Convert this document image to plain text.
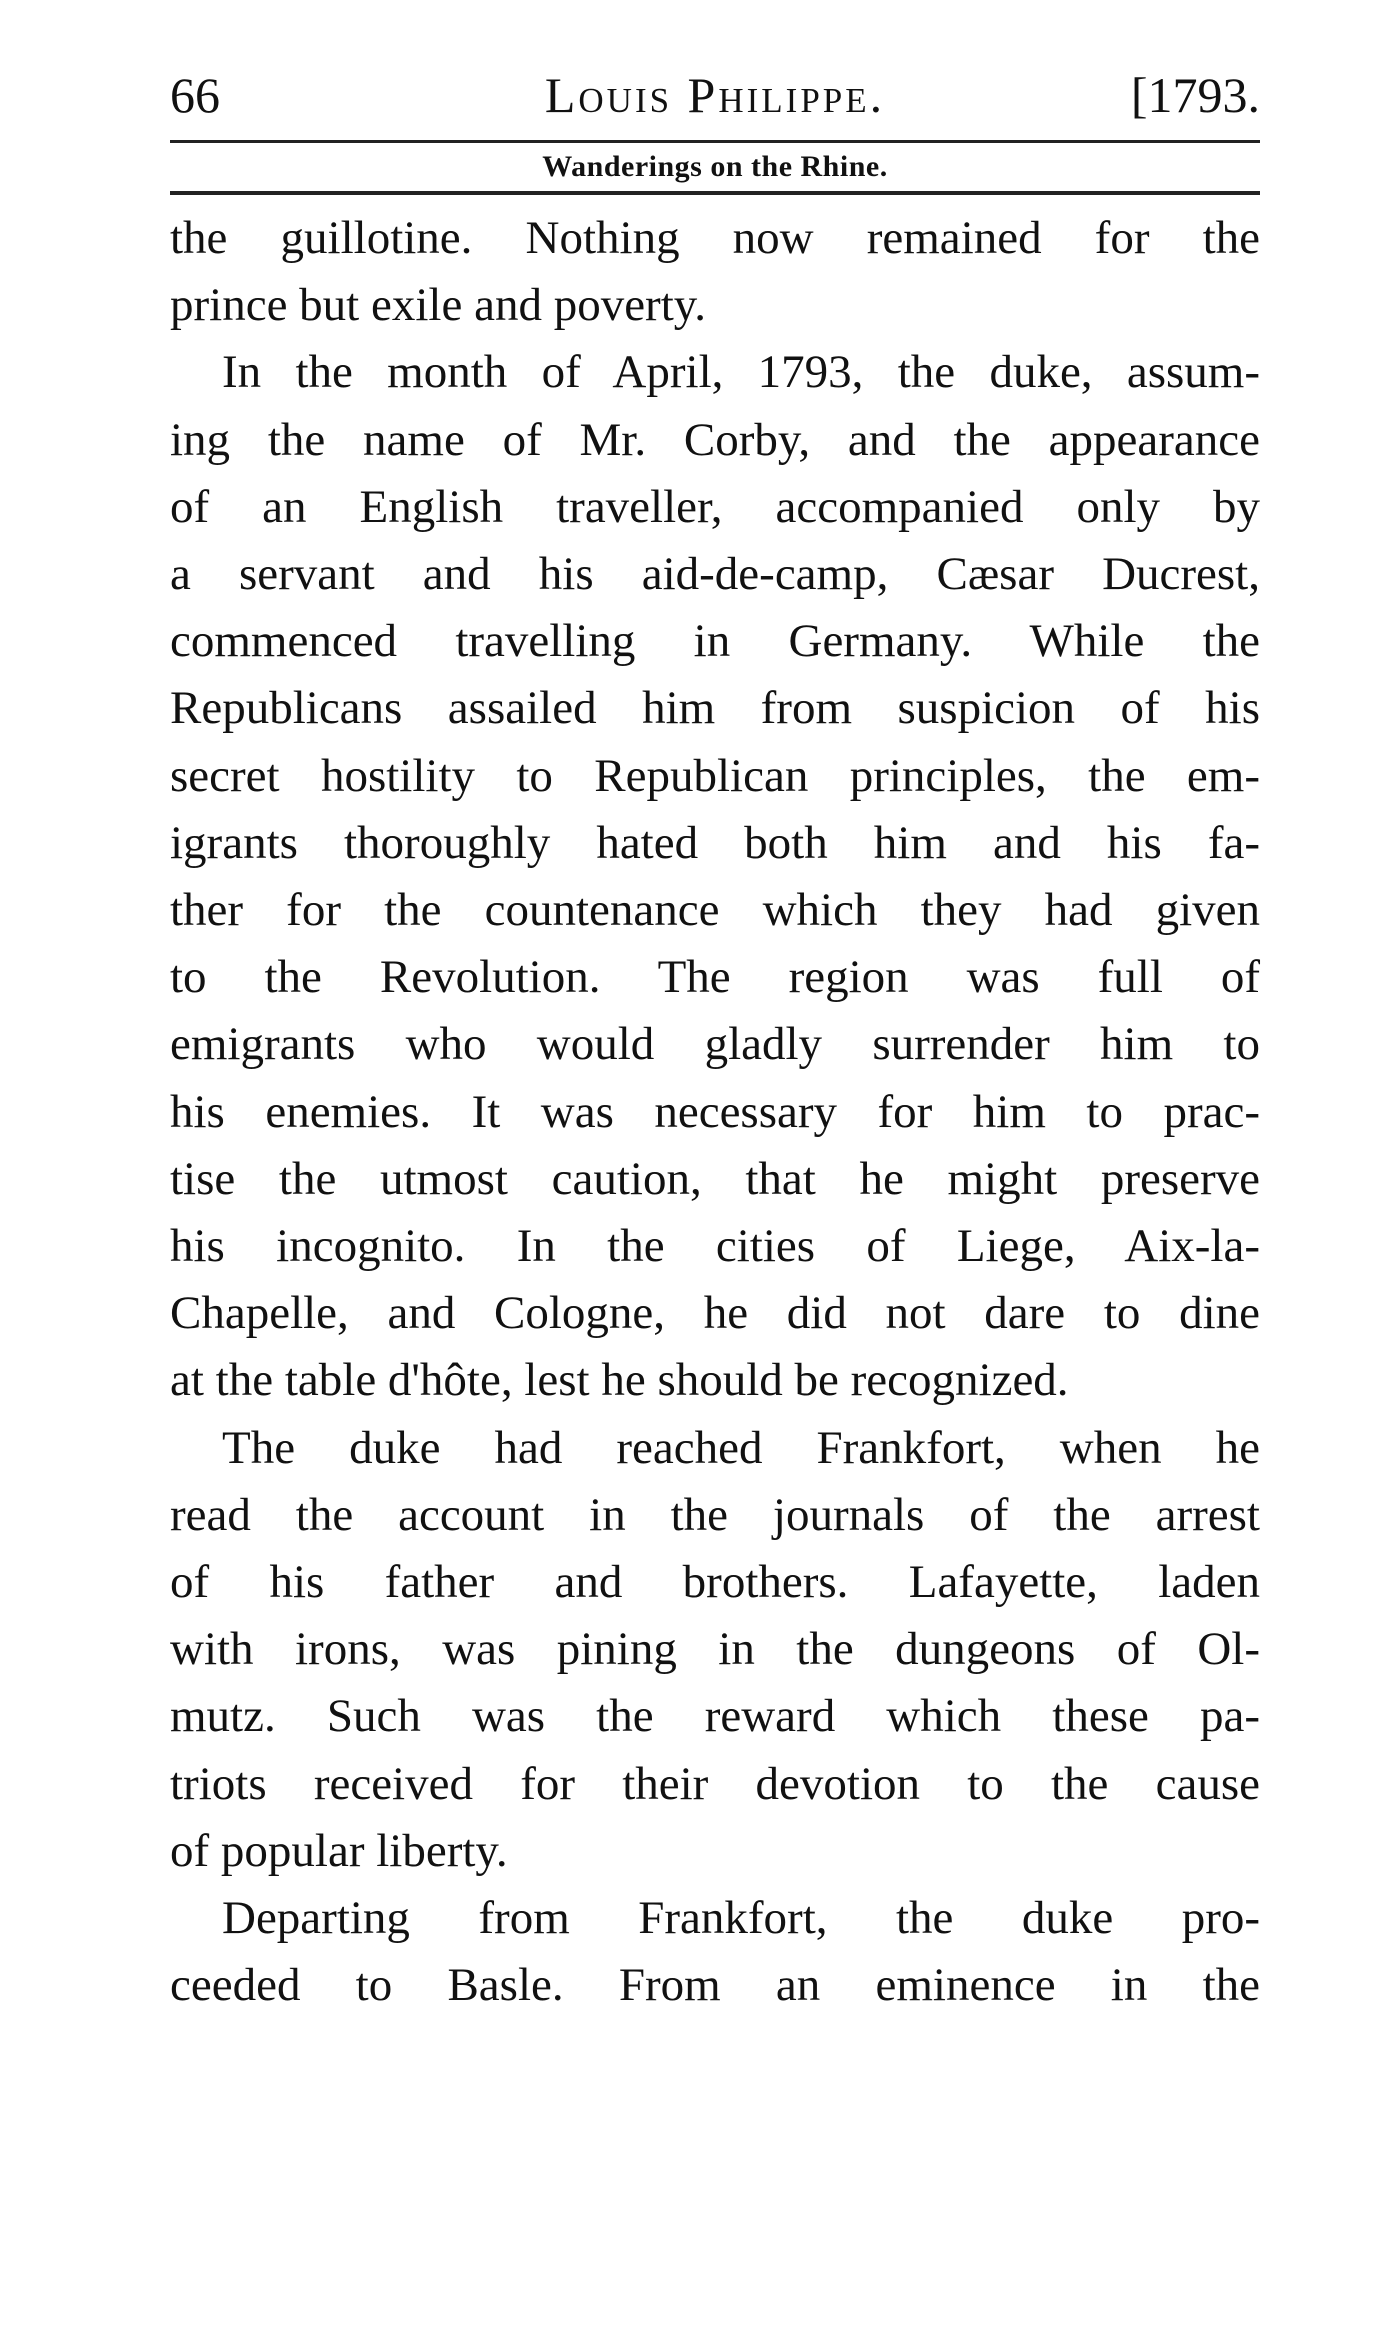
66	Louis Philippe.	[1793.
Wanderings on the Rhine.

the guillotine. Nothing now remained for the
prince but exile and poverty.

In the month of April, 1793, the duke, assum-
ing the name of Mr. Corby, and the appearance
of an English traveller, accompanied only by
a servant and his aid-de-camp, Cæsar Ducrest,
commenced travelling in Germany. While the
Republicans assailed him from suspicion of his
secret hostility to Republican principles, the em-
igrants thoroughly hated both him and his fa-
ther for the countenance which they had given
to the Revolution. The region was full of
emigrants who would gladly surrender him to
his enemies. It was necessary for him to prac-
tise the utmost caution, that he might preserve
his incognito. In the cities of Liege, Aix-la-
Chapelle, and Cologne, he did not dare to dine
at the table d'hôte, lest he should be recognized.

The duke had reached Frankfort, when he
read the account in the journals of the arrest
of his father and brothers. Lafayette, laden
with irons, was pining in the dungeons of Ol-
mutz. Such was the reward which these pa-
triots received for their devotion to the cause
of popular liberty.

Departing from Frankfort, the duke pro-
ceeded to Basle. From an eminence in the
